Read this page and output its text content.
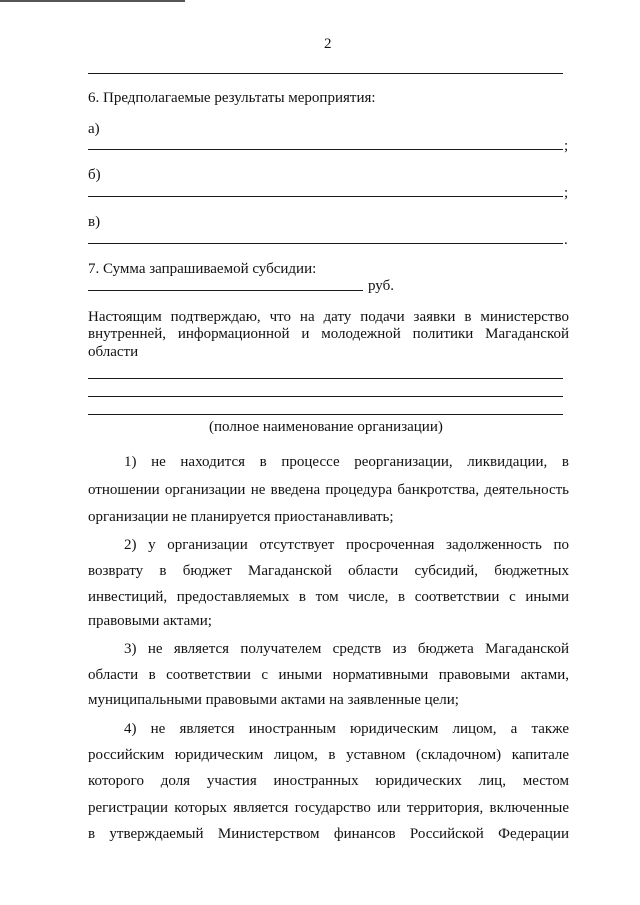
2
6. Предполагаемые результаты мероприятия:
а)
;
б)
;
в)
.
7. Сумма запрашиваемой субсидии:
руб.
Настоящим подтверждаю, что на дату подачи заявки в министерство
внутренней, информационной и молодежной политики Магаданской
области
(полное наименование организации)
1) не находится в процессе реорганизации, ликвидации, в
отношении организации не введена процедура банкротства, деятельность
организации не планируется приостанавливать;
2) у организации отсутствует просроченная задолженность по
возврату в бюджет Магаданской области субсидий, бюджетных
инвестиций, предоставляемых в том числе, в соответствии с иными
правовыми актами;
3) не является получателем средств из бюджета Магаданской
области в соответствии с иными нормативными правовыми актами,
муниципальными правовыми актами на заявленные цели;
4) не является иностранным юридическим лицом, а также
российским юридическим лицом, в уставном (складочном) капитале
которого доля участия иностранных юридических лиц, местом
регистрации которых является государство или территория, включенные
в утверждаемый Министерством финансов Российской Федерации
